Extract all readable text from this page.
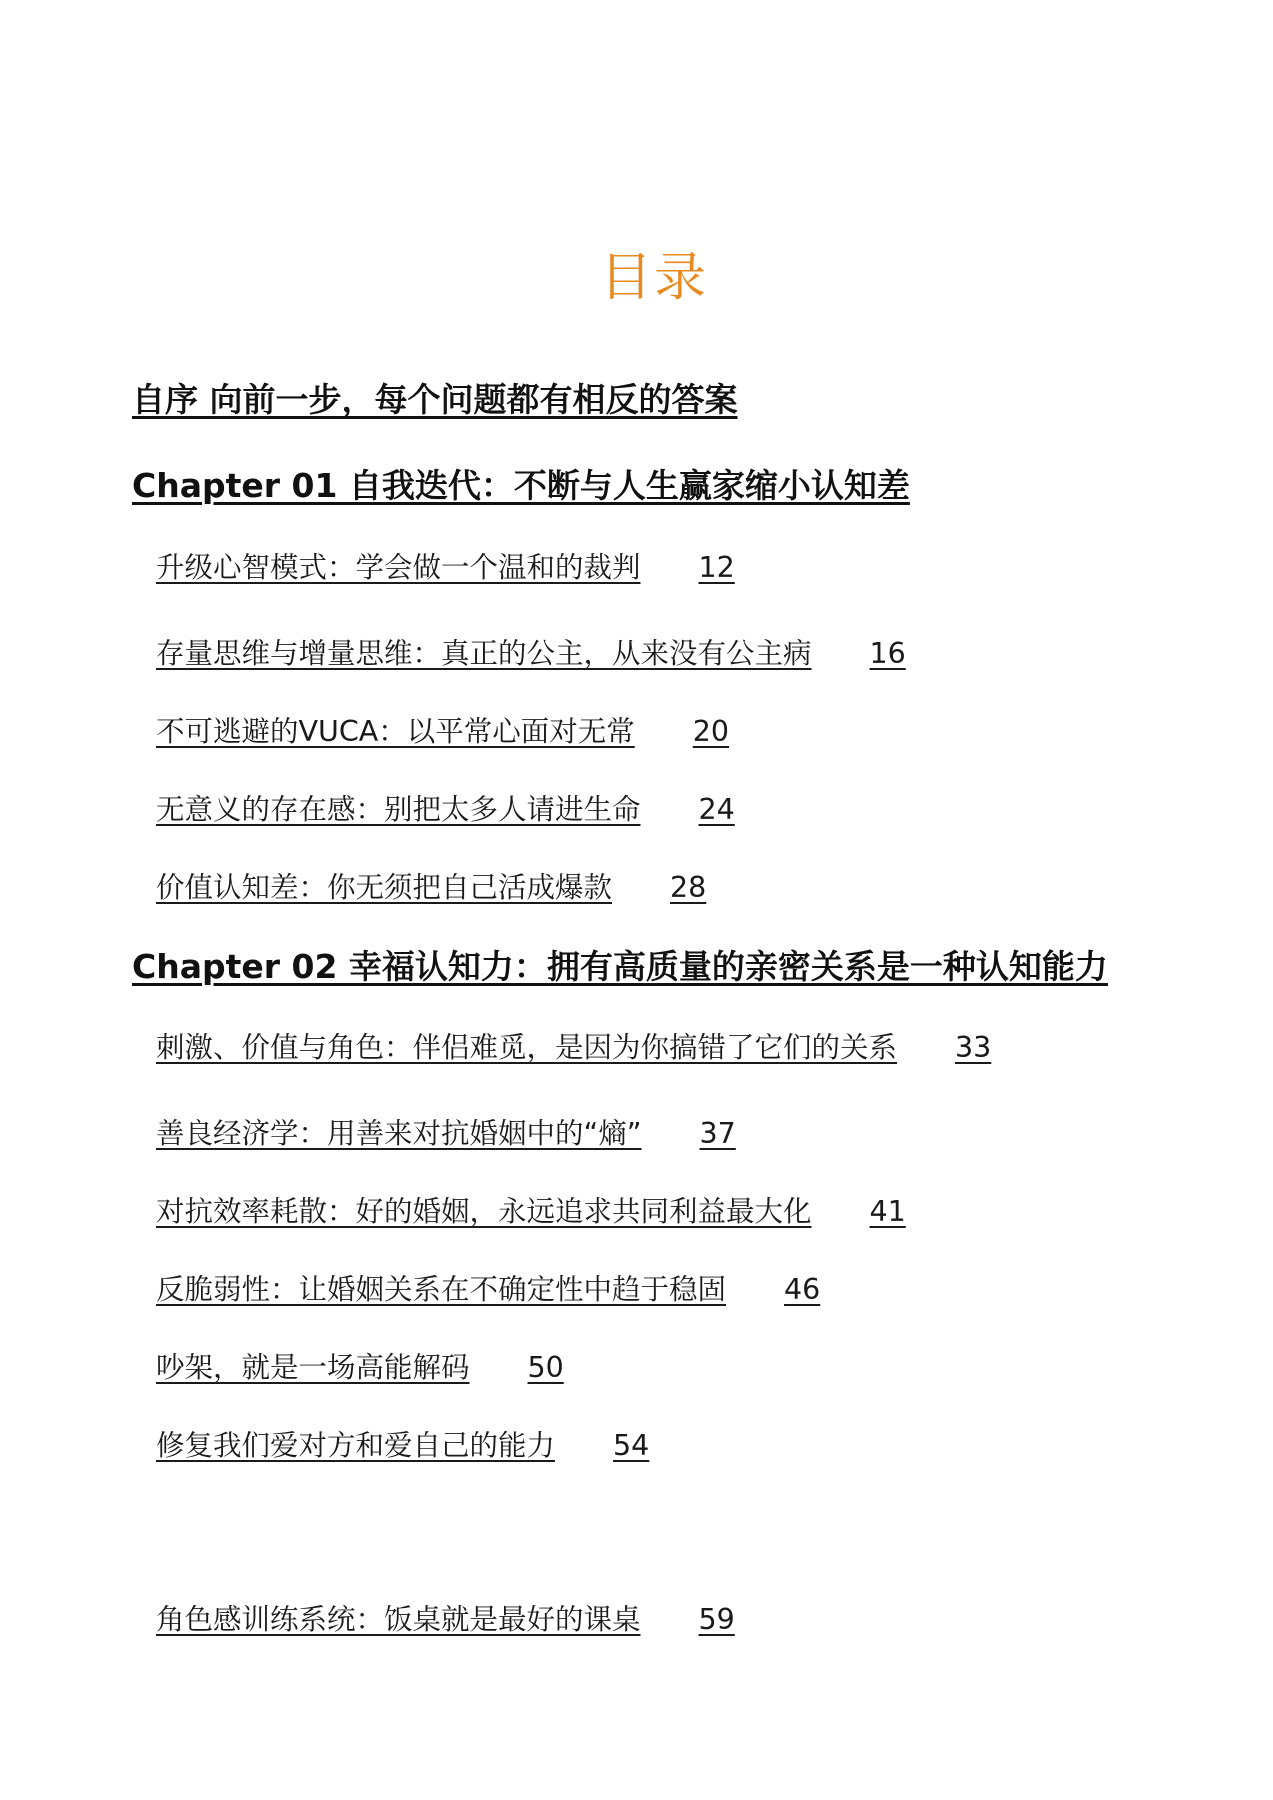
目录
自序 向前一步，每个问题都有相反的答案
Chapter 01 自我迭代：不断与人生赢家缩小认知差
升级心智模式：学会做一个温和的裁判 12
存量思维与增量思维：真正的公主，从来没有公主病 16
不可逃避的VUCA：以平常心面对无常 20
无意义的存在感：别把太多人请进生命 24
价值认知差：你无须把自己活成爆款 28
Chapter 02 幸福认知力：拥有高质量的亲密关系是一种认知能力
刺激、价值与角色：伴侣难觅，是因为你搞错了它们的关系 33
善良经济学：用善来对抗婚姻中的“熵” 37
对抗效率耗散：好的婚姻，永远追求共同利益最大化 41
反脆弱性：让婚姻关系在不确定性中趋于稳固 46
吵架，就是一场高能解码 50
修复我们爱对方和爱自己的能力 54
角色感训练系统：饭桌就是最好的课桌 59
